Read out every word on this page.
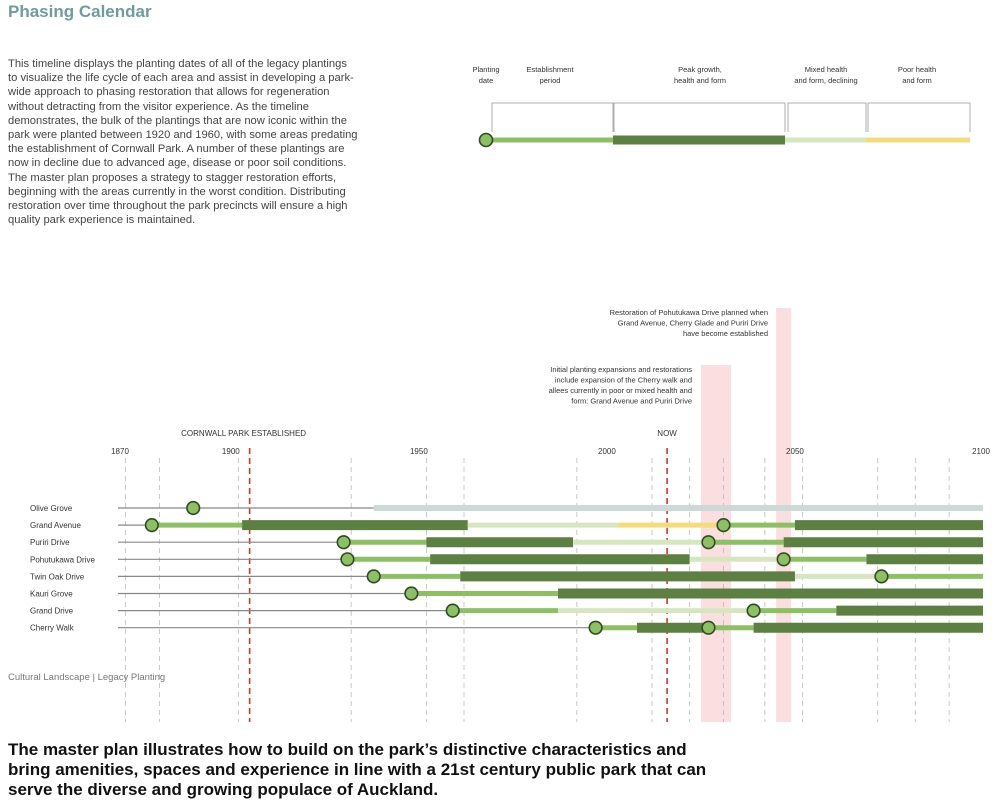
Phasing Calendar
This timeline displays the planting dates of all of the legacy plantings to visualize the life cycle of each area and assist in developing a park-wide approach to phasing restoration that allows for regeneration without detracting from the visitor experience. As the timeline demonstrates, the bulk of the plantings that are now iconic within the park were planted between 1920 and 1960, with some areas predating the establishment of Cornwall Park. A number of these plantings are now in decline due to advanced age, disease or poor soil conditions. The master plan proposes a strategy to stagger restoration efforts, beginning with the areas currently in the worst condition. Distributing restoration over time throughout the park precincts will ensure a high quality park experience is maintained.
Planting
date
Establishment
period
Peak growth,
health and form
Mixed health
and form, declining
Poor health
and form
Initial planting expansions and restorations
include expansion of the Cherry walk and
allees currently in poor or mixed health and
form: Grand Avenue and Puriri Drive
Restoration of Pohutukawa Drive planned when
Grand Avenue, Cherry Glade and Puriri Drive
have become established
1870	1900	1950	2000	2050	2100
CORNWALL PARK ESTABLISHED	NOW
Olive Grove
Grand Avenue
Puriri Drive
Pohutukawa Drive
Twin Oak Drive
Kauri Grove
Grand Drive
Cherry Walk
Cultural Landscape | Legacy Planting
The master plan illustrates how to build on the park’s distinctive characteristics and bring amenities, spaces and experience in line with a 21st century public park that can serve the diverse and growing populace of Auckland.
